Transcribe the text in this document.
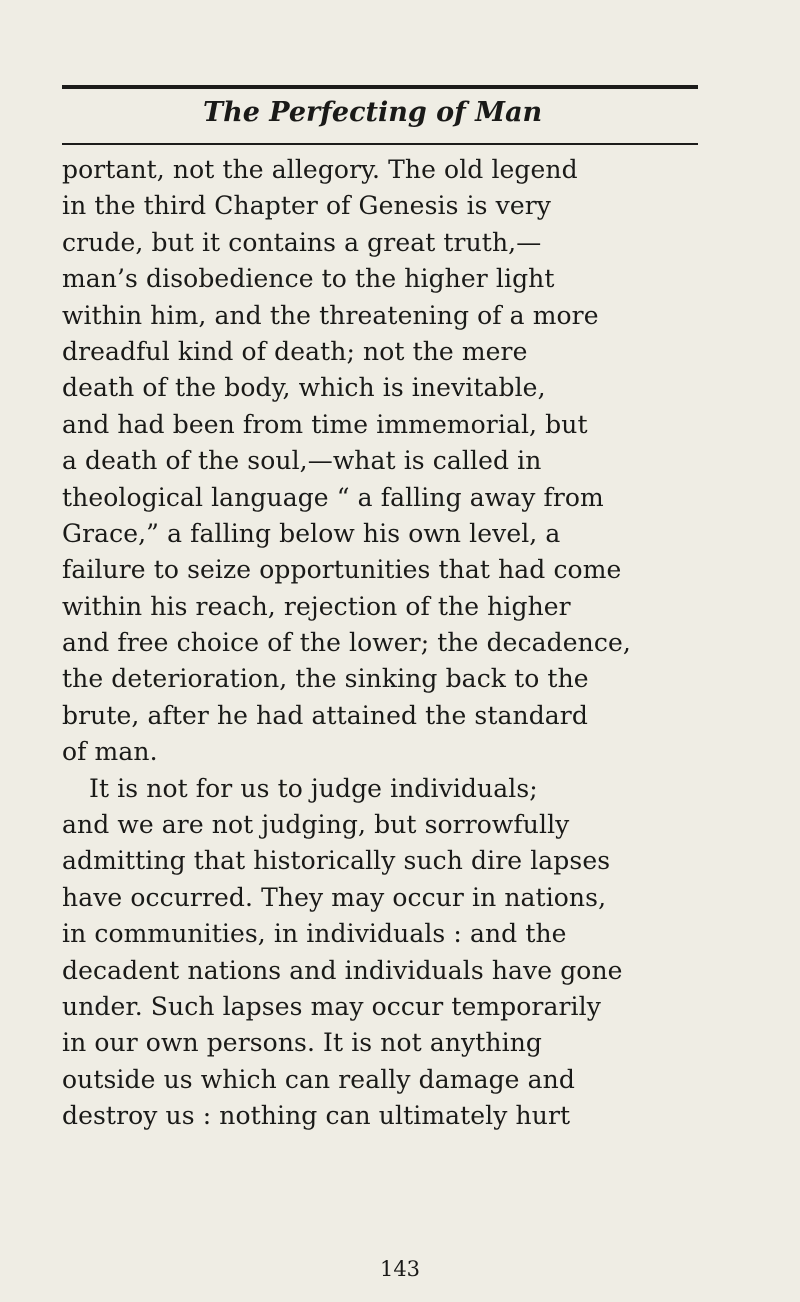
The Perfecting of Man
portant, not the allegory. The old legend
in the third Chapter of Genesis is very
crude, but it contains a great truth,—
man’s disobedience to the higher light
within him, and the threatening of a more
dreadful kind of death; not the mere
death of the body, which is inevitable,
and had been from time immemorial, but
a death of the soul,—what is called in
theological language “ a falling away from
Grace,” a falling below his own level, a
failure to seize opportunities that had come
within his reach, rejection of the higher
and free choice of the lower; the decadence,
the deterioration, the sinking back to the
brute, after he had attained the standard
of man.
It is not for us to judge individuals;
and we are not judging, but sorrowfully
admitting that historically such dire lapses
have occurred. They may occur in nations,
in communities, in individuals : and the
decadent nations and individuals have gone
under. Such lapses may occur temporarily
in our own persons. It is not anything
outside us which can really damage and
destroy us : nothing can ultimately hurt
143
